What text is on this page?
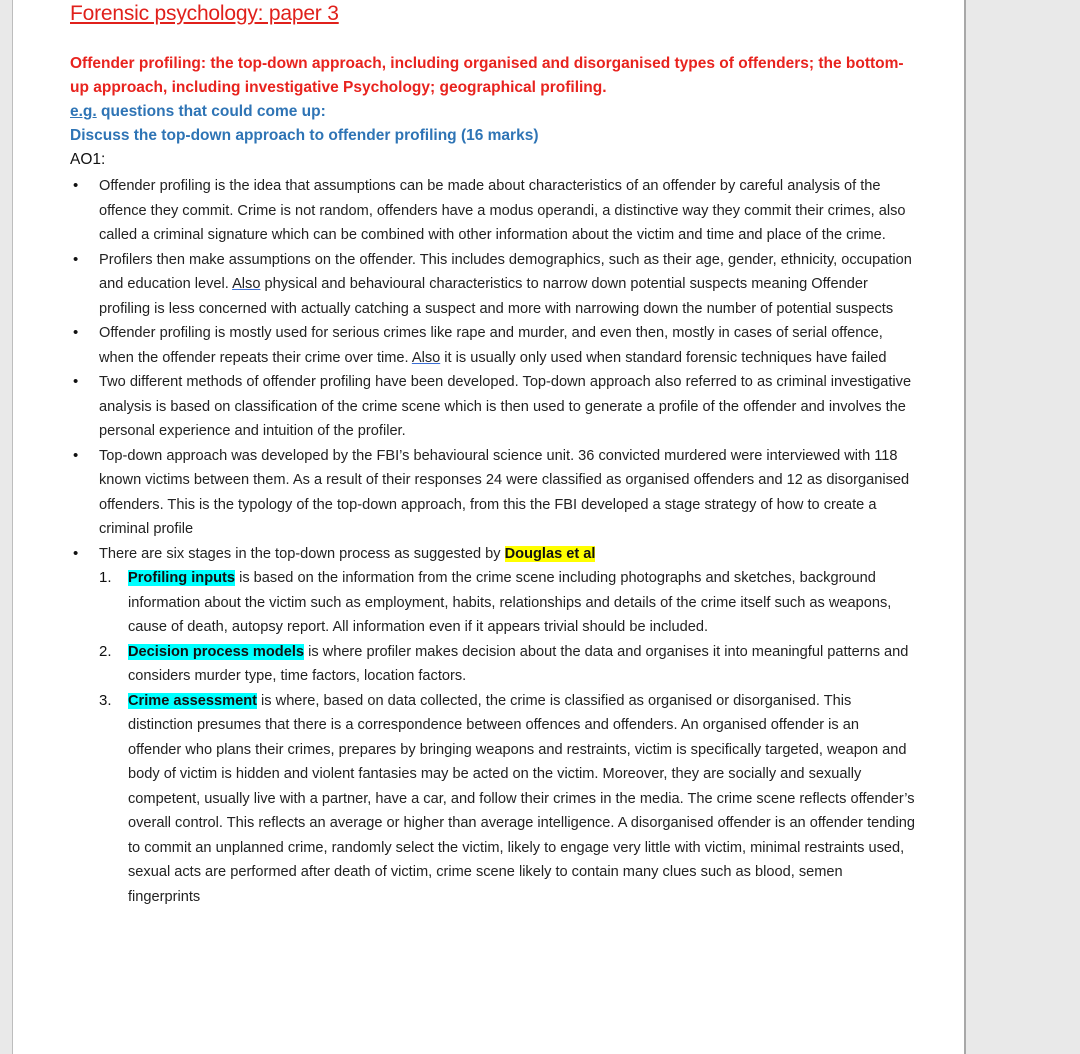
Forensic psychology: paper 3
Offender profiling: the top-down approach, including organised and disorganised types of offenders; the bottom-up approach, including investigative Psychology; geographical profiling.
e.g. questions that could come up:
Discuss the top-down approach to offender profiling (16 marks)
AO1:
• Offender profiling is the idea that assumptions can be made about characteristics of an offender by careful analysis of the offence they commit. Crime is not random, offenders have a modus operandi, a distinctive way they commit their crimes, also called a criminal signature which can be combined with other information about the victim and time and place of the crime.
• Profilers then make assumptions on the offender. This includes demographics, such as their age, gender, ethnicity, occupation and education level. Also physical and behavioural characteristics to narrow down potential suspects meaning Offender profiling is less concerned with actually catching a suspect and more with narrowing down the number of potential suspects
• Offender profiling is mostly used for serious crimes like rape and murder, and even then, mostly in cases of serial offence, when the offender repeats their crime over time. Also it is usually only used when standard forensic techniques have failed
• Two different methods of offender profiling have been developed. Top-down approach also referred to as criminal investigative analysis is based on classification of the crime scene which is then used to generate a profile of the offender and involves the personal experience and intuition of the profiler.
• Top-down approach was developed by the FBI’s behavioural science unit. 36 convicted murdered were interviewed with 118 known victims between them. As a result of their responses 24 were classified as organised offenders and 12 as disorganised offenders. This is the typology of the top-down approach, from this the FBI developed a stage strategy of how to create a criminal profile
• There are six stages in the top-down process as suggested by Douglas et al
1. Profiling inputs is based on the information from the crime scene including photographs and sketches, background information about the victim such as employment, habits, relationships and details of the crime itself such as weapons, cause of death, autopsy report. All information even if it appears trivial should be included.
2. Decision process models is where profiler makes decision about the data and organises it into meaningful patterns and considers murder type, time factors, location factors.
3. Crime assessment is where, based on data collected, the crime is classified as organised or disorganised. This distinction presumes that there is a correspondence between offences and offenders. An organised offender is an offender who plans their crimes, prepares by bringing weapons and restraints, victim is specifically targeted, weapon and body of victim is hidden and violent fantasies may be acted on the victim. Moreover, they are socially and sexually competent, usually live with a partner, have a car, and follow their crimes in the media. The crime scene reflects offender’s overall control. This reflects an average or higher than average intelligence. A disorganised offender is an offender tending to commit an unplanned crime, randomly select the victim, likely to engage very little with victim, minimal restraints used, sexual acts are performed after death of victim, crime scene likely to contain many clues such as blood, semen fingerprints
